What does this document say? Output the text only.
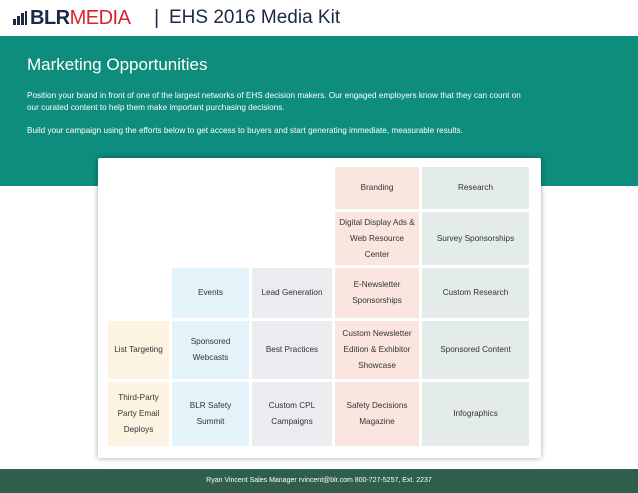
BLRMEDIA | EHS 2016 Media Kit
Marketing Opportunities
Position your brand in front of one of the largest networks of EHS decision makers. Our engaged employers know that they can count on our curated content to help them make important purchasing decisions.
Build your campaign using the efforts below to get access to buyers and start generating immediate, measurable results.
Branding
Digital Display Ads & Web Resource Center
E-Newsletter Sponsorships
Custom Newsletter Edition & Exhibitor Showcase
Safety Decisions Magazine
Research
Survey Sponsorships
Custom Research
Sponsored Content
Infographics
Events
Sponsored Webcasts
BLR Safety Summit
Lead Generation
Best Practices
Custom CPL Campaigns
List Targeting
Third-Party Party Email Deploys
Ryan Vincent Sales Manager rvincent@blr.com 800-727-5257, Ext. 2237
